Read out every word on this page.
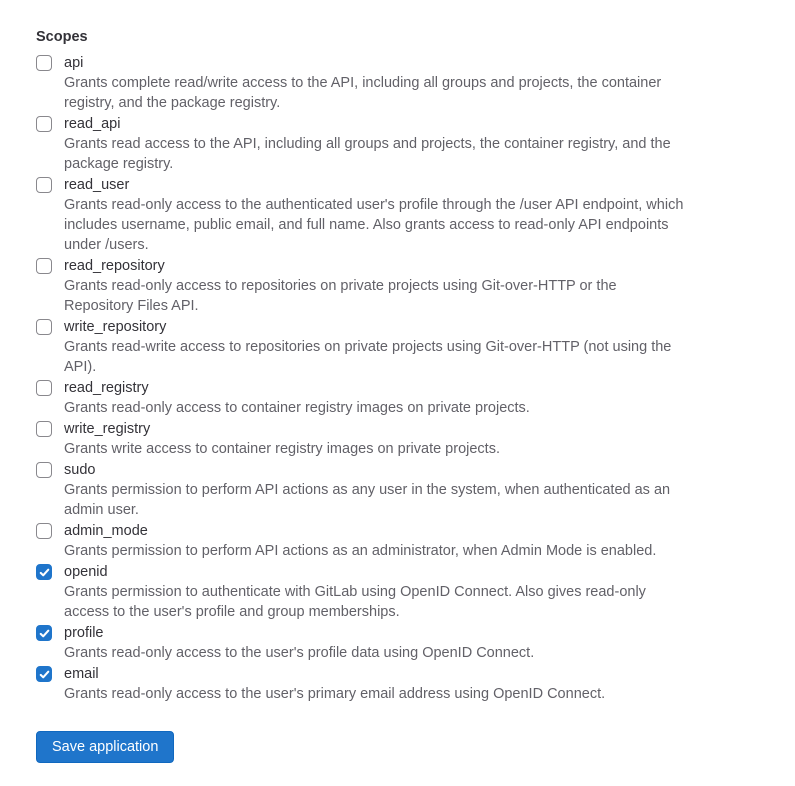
Scopes
api
Grants complete read/write access to the API, including all groups and projects, the container registry, and the package registry.
read_api
Grants read access to the API, including all groups and projects, the container registry, and the package registry.
read_user
Grants read-only access to the authenticated user's profile through the /user API endpoint, which includes username, public email, and full name. Also grants access to read-only API endpoints under /users.
read_repository
Grants read-only access to repositories on private projects using Git-over-HTTP or the Repository Files API.
write_repository
Grants read-write access to repositories on private projects using Git-over-HTTP (not using the API).
read_registry
Grants read-only access to container registry images on private projects.
write_registry
Grants write access to container registry images on private projects.
sudo
Grants permission to perform API actions as any user in the system, when authenticated as an admin user.
admin_mode
Grants permission to perform API actions as an administrator, when Admin Mode is enabled.
openid
Grants permission to authenticate with GitLab using OpenID Connect. Also gives read-only access to the user's profile and group memberships.
profile
Grants read-only access to the user's profile data using OpenID Connect.
email
Grants read-only access to the user's primary email address using OpenID Connect.
Save application
